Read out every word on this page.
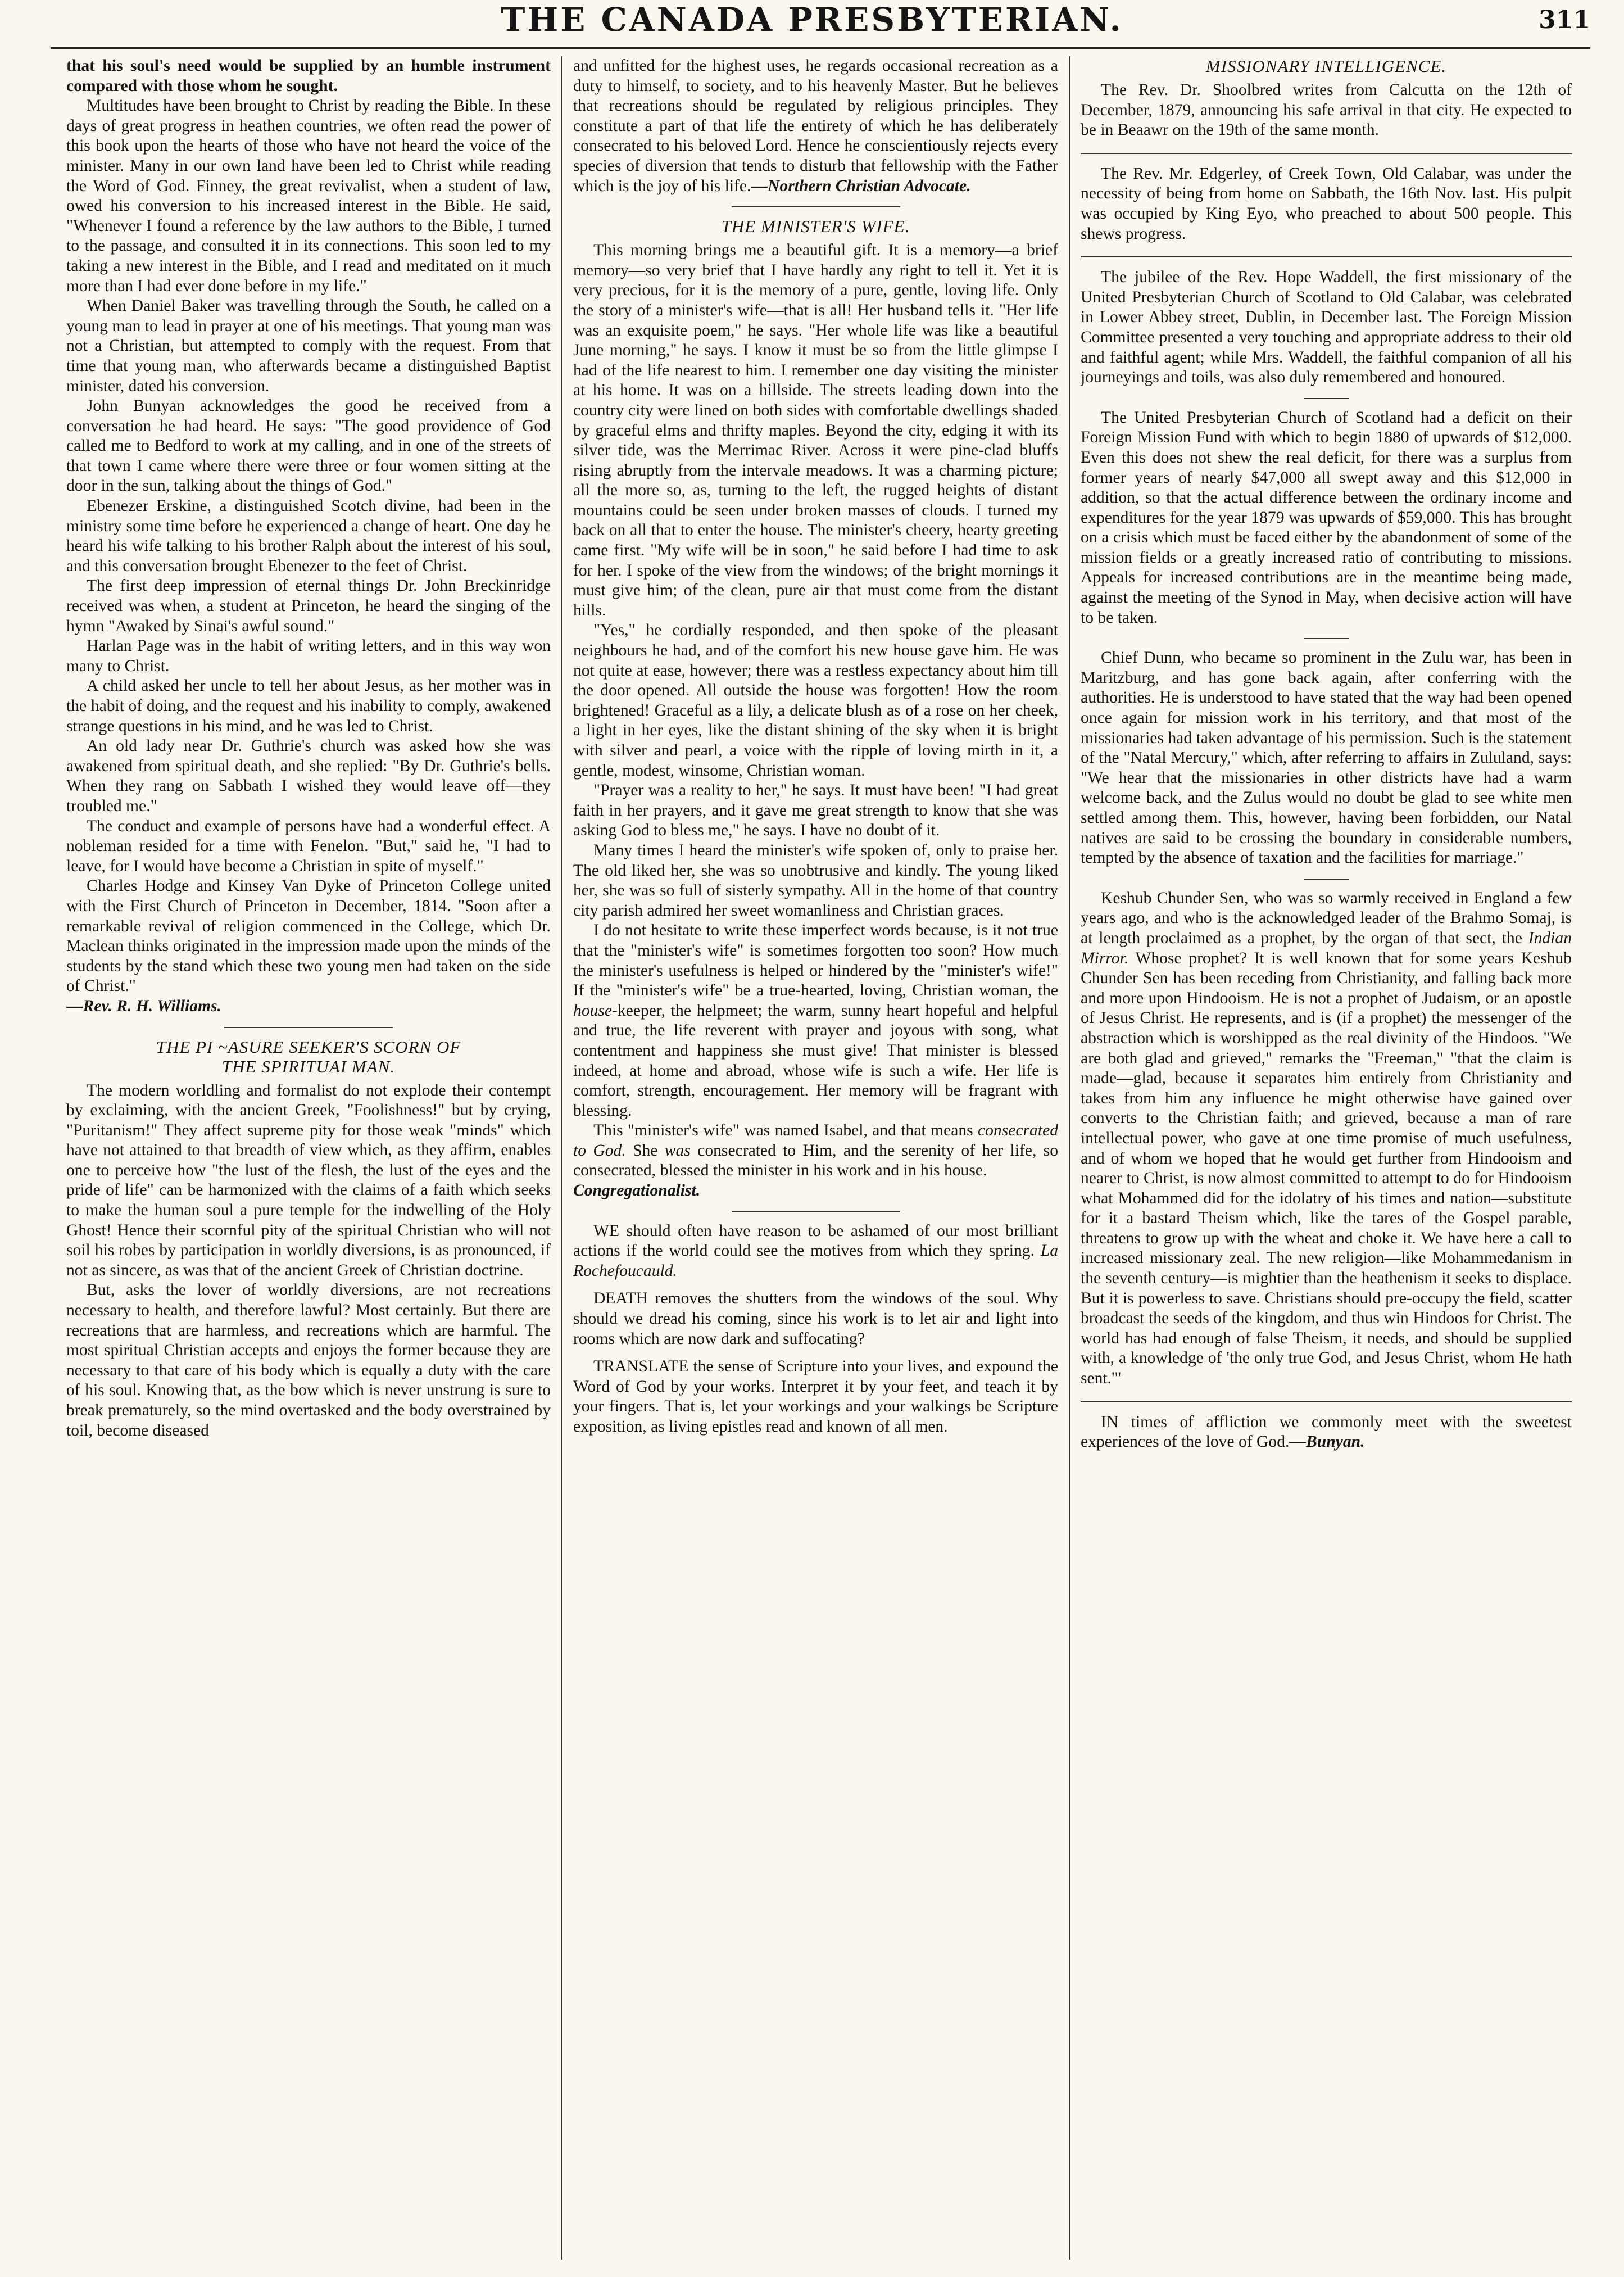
THE CANADA PRESBYTERIAN.	311

that his soul's need would be supplied by an humble instrument compared with those whom he sought.

Multitudes have been brought to Christ by reading the Bible. In these days of great progress in heathen countries, we often read the power of this book upon the hearts of those who have not heard the voice of the minister. Many in our own land have been led to Christ while reading the Word of God. Finney, the great revivalist, when a student of law, owed his conversion to his increased interest in the Bible. He said, "Whenever I found a reference by the law authors to the Bible, I turned to the passage, and consulted it in its connections. This soon led to my taking a new interest in the Bible, and I read and meditated on it much more than I had ever done before in my life."

When Daniel Baker was travelling through the South, he called on a young man to lead in prayer at one of his meetings. That young man was not a Christian, but attempted to comply with the request. From that time that young man, who afterwards became a distinguished Baptist minister, dated his conversion.

John Bunyan acknowledges the good he received from a conversation he had heard. He says: "The good providence of God called me to Bedford to work at my calling, and in one of the streets of that town I came where there were three or four women sitting at the door in the sun, talking about the things of God."

Ebenezer Erskine, a distinguished Scotch divine, had been in the ministry some time before he experienced a change of heart. One day he heard his wife talking to his brother Ralph about the interest of his soul, and this conversation brought Ebenezer to the feet of Christ.

The first deep impression of eternal things Dr. John Breckinridge received was when, a student at Princeton, he heard the singing of the hymn "Awaked by Sinai's awful sound."

Harlan Page was in the habit of writing letters, and in this way won many to Christ.

A child asked her uncle to tell her about Jesus, as her mother was in the habit of doing, and the request and his inability to comply, awakened strange questions in his mind, and he was led to Christ.

An old lady near Dr. Guthrie's church was asked how she was awakened from spiritual death, and she replied: "By Dr. Guthrie's bells. When they rang on Sabbath I wished they would leave off—they troubled me."

The conduct and example of persons have had a wonderful effect. A nobleman resided for a time with Fenelon. "But," said he, "I had to leave, for I would have become a Christian in spite of myself."

Charles Hodge and Kinsey Van Dyke of Princeton College united with the First Church of Princeton in December, 1814. "Soon after a remarkable revival of religion commenced in the College, which Dr. Maclean thinks originated in the impression made upon the minds of the students by the stand which these two young men had taken on the side of Christ."

—Rev. R. H. Williams.

THE PI ~ASURE SEEKER'S SCORN OF
THE SPIRITUAI MAN.

The modern worldling and formalist do not explode their contempt by exclaiming, with the ancient Greek, "Foolishness!" but by crying, "Puritanism!" They affect supreme pity for those weak "minds" which have not attained to that breadth of view which, as they affirm, enables one to perceive how "the lust of the flesh, the lust of the eyes and the pride of life" can be harmonized with the claims of a faith which seeks to make the human soul a pure temple for the indwelling of the Holy Ghost! Hence their scornful pity of the spiritual Christian who will not soil his robes by participation in worldly diversions, is as pronounced, if not as sincere, as was that of the ancient Greek of Christian doctrine.

But, asks the lover of worldly diversions, are not recreations necessary to health, and therefore lawful? Most certainly. But there are recreations that are harmless, and recreations which are harmful. The most spiritual Christian accepts and enjoys the former because they are necessary to that care of his body which is equally a duty with the care of his soul. Knowing that, as the bow which is never unstrung is sure to break prematurely, so the mind overtasked and the body overstrained by toil, become diseased

and unfitted for the highest uses, he regards occasional recreation as a duty to himself, to society, and to his heavenly Master. But he believes that recreations should be regulated by religious principles. They constitute a part of that life the entirety of which he has deliberately consecrated to his beloved Lord. Hence he conscientiously rejects every species of diversion that tends to disturb that fellowship with the Father which is the joy of his life.—Northern Christian Advocate.

THE MINISTER'S WIFE.

This morning brings me a beautiful gift. It is a memory—a brief memory—so very brief that I have hardly any right to tell it. Yet it is very precious, for it is the memory of a pure, gentle, loving life. Only the story of a minister's wife—that is all! Her husband tells it. "Her life was an exquisite poem," he says. "Her whole life was like a beautiful June morning," he says. I know it must be so from the little glimpse I had of the life nearest to him. I remember one day visiting the minister at his home. It was on a hillside. The streets leading down into the country city were lined on both sides with comfortable dwellings shaded by graceful elms and thrifty maples. Beyond the city, edging it with its silver tide, was the Merrimac River. Across it were pine-clad bluffs rising abruptly from the intervale meadows. It was a charming picture; all the more so, as, turning to the left, the rugged heights of distant mountains could be seen under broken masses of clouds. I turned my back on all that to enter the house. The minister's cheery, hearty greeting came first. "My wife will be in soon," he said before I had time to ask for her. I spoke of the view from the windows; of the bright mornings it must give him; of the clean, pure air that must come from the distant hills.

"Yes," he cordially responded, and then spoke of the pleasant neighbours he had, and of the comfort his new house gave him. He was not quite at ease, however; there was a restless expectancy about him till the door opened. All outside the house was forgotten! How the room brightened! Graceful as a lily, a delicate blush as of a rose on her cheek, a light in her eyes, like the distant shining of the sky when it is bright with silver and pearl, a voice with the ripple of loving mirth in it, a gentle, modest, winsome, Christian woman.

"Prayer was a reality to her," he says. It must have been! "I had great faith in her prayers, and it gave me great strength to know that she was asking God to bless me," he says. I have no doubt of it.

Many times I heard the minister's wife spoken of, only to praise her. The old liked her, she was so unobtrusive and kindly. The young liked her, she was so full of sisterly sympathy. All in the home of that country city parish admired her sweet womanliness and Christian graces.

I do not hesitate to write these imperfect words because, is it not true that the "minister's wife" is sometimes forgotten too soon? How much the minister's usefulness is helped or hindered by the "minister's wife!" If the "minister's wife" be a true-hearted, loving, Christian woman, the house-keeper, the helpmeet; the warm, sunny heart hopeful and helpful and true, the life reverent with prayer and joyous with song, what contentment and happiness she must give! That minister is blessed indeed, at home and abroad, whose wife is such a wife. Her life is comfort, strength, encouragement. Her memory will be fragrant with blessing.

This "minister's wife" was named Isabel, and that means consecrated to God. She was consecrated to Him, and the serenity of her life, so consecrated, blessed the minister in his work and in his house.

Congregationalist.

WE should often have reason to be ashamed of our most brilliant actions if the world could see the motives from which they spring. La Rochefoucauld.

DEATH removes the shutters from the windows of the soul. Why should we dread his coming, since his work is to let air and light into rooms which are now dark and suffocating?

TRANSLATE the sense of Scripture into your lives, and expound the Word of God by your works. Interpret it by your feet, and teach it by your fingers. That is, let your workings and your walkings be Scripture exposition, as living epistles read and known of all men.

MISSIONARY INTELLIGENCE.

The Rev. Dr. Shoolbred writes from Calcutta on the 12th of December, 1879, announcing his safe arrival in that city. He expected to be in Beaawr on the 19th of the same month.

The Rev. Mr. Edgerley, of Creek Town, Old Calabar, was under the necessity of being from home on Sabbath, the 16th Nov. last. His pulpit was occupied by King Eyo, who preached to about 500 people. This shews progress.

The jubilee of the Rev. Hope Waddell, the first missionary of the United Presbyterian Church of Scotland to Old Calabar, was celebrated in Lower Abbey street, Dublin, in December last. The Foreign Mission Committee presented a very touching and appropriate address to their old and faithful agent; while Mrs. Waddell, the faithful companion of all his journeyings and toils, was also duly remembered and honoured.

The United Presbyterian Church of Scotland had a deficit on their Foreign Mission Fund with which to begin 1880 of upwards of $12,000. Even this does not shew the real deficit, for there was a surplus from former years of nearly $47,000 all swept away and this $12,000 in addition, so that the actual difference between the ordinary income and expenditures for the year 1879 was upwards of $59,000. This has brought on a crisis which must be faced either by the abandonment of some of the mission fields or a greatly increased ratio of contributing to missions. Appeals for increased contributions are in the meantime being made, against the meeting of the Synod in May, when decisive action will have to be taken.

Chief Dunn, who became so prominent in the Zulu war, has been in Maritzburg, and has gone back again, after conferring with the authorities. He is understood to have stated that the way had been opened once again for mission work in his territory, and that most of the missionaries had taken advantage of his permission. Such is the statement of the "Natal Mercury," which, after referring to affairs in Zululand, says: "We hear that the missionaries in other districts have had a warm welcome back, and the Zulus would no doubt be glad to see white men settled among them. This, however, having been forbidden, our Natal natives are said to be crossing the boundary in considerable numbers, tempted by the absence of taxation and the facilities for marriage."

Keshub Chunder Sen, who was so warmly received in England a few years ago, and who is the acknowledged leader of the Brahmo Somaj, is at length proclaimed as a prophet, by the organ of that sect, the Indian Mirror. Whose prophet? It is well known that for some years Keshub Chunder Sen has been receding from Christianity, and falling back more and more upon Hindooism. He is not a prophet of Judaism, or an apostle of Jesus Christ. He represents, and is (if a prophet) the messenger of the abstraction which is worshipped as the real divinity of the Hindoos. "We are both glad and grieved," remarks the "Freeman," "that the claim is made—glad, because it separates him entirely from Christianity and takes from him any influence he might otherwise have gained over converts to the Christian faith; and grieved, because a man of rare intellectual power, who gave at one time promise of much usefulness, and of whom we hoped that he would get further from Hindooism and nearer to Christ, is now almost committed to attempt to do for Hindooism what Mohammed did for the idolatry of his times and nation—substitute for it a bastard Theism which, like the tares of the Gospel parable, threatens to grow up with the wheat and choke it. We have here a call to increased missionary zeal. The new religion—like Mohammedanism in the seventh century—is mightier than the heathenism it seeks to displace. But it is powerless to save. Christians should pre-occupy the field, scatter broadcast the seeds of the kingdom, and thus win Hindoos for Christ. The world has had enough of false Theism, it needs, and should be supplied with, a knowledge of 'the only true God, and Jesus Christ, whom He hath sent.'"

IN times of affliction we commonly meet with the sweetest experiences of the love of God.—Bunyan.
